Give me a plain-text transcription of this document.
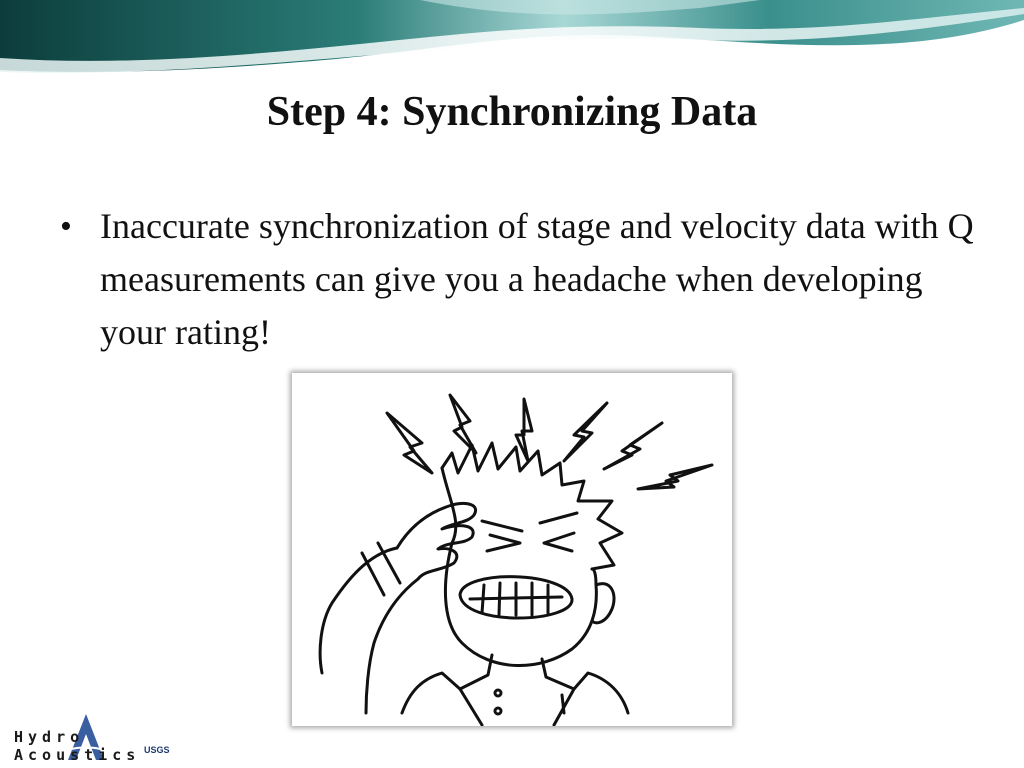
Step 4: Synchronizing Data
• Inaccurate synchronization of stage and velocity data with Q measurements can give you a headache when developing your rating!
Hydro Acoustics USGS
